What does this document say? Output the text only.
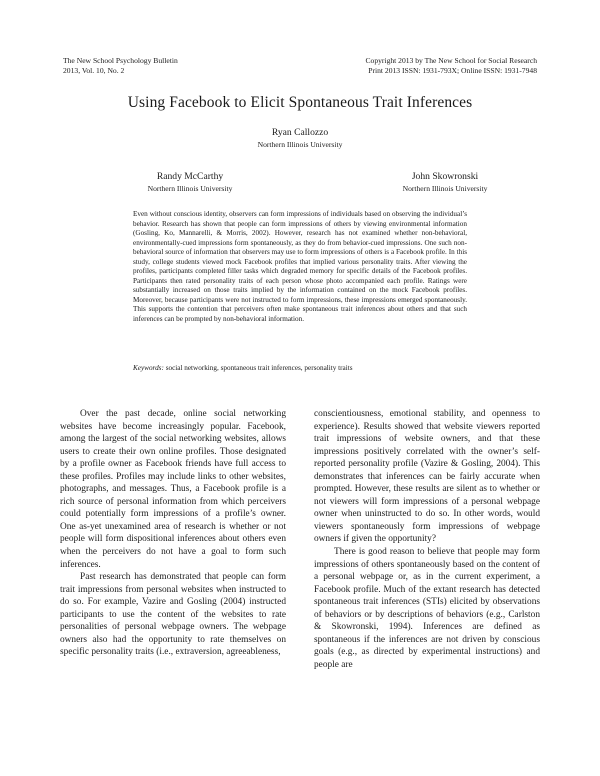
The New School Psychology Bulletin
2013, Vol. 10, No. 2
Copyright 2013 by The New School for Social Research
Print 2013 ISSN: 1931-793X; Online ISSN: 1931-7948
Using Facebook to Elicit Spontaneous Trait Inferences
Ryan Callozzo
Northern Illinois University
Randy McCarthy
Northern Illinois University
John Skowronski
Northern Illinois University

Even without conscious identity, observers can form impressions of individuals based on observing the individual’s behavior. Research has shown that people can form impressions of others by viewing environmental information (Gosling, Ko, Mannarelli, & Morris, 2002). However, research has not examined whether non-behavioral, environmentally-cued impressions form spontaneously, as they do from behavior-cued impressions. One such non-behavioral source of information that observers may use to form impressions of others is a Facebook profile. In this study, college students viewed mock Facebook profiles that implied various personality traits. After viewing the profiles, participants completed filler tasks which degraded memory for specific details of the Facebook profiles. Participants then rated personality traits of each person whose photo accompanied each profile. Ratings were substantially increased on those traits implied by the information contained on the mock Facebook profiles. Moreover, because participants were not instructed to form impressions, these impressions emerged spontaneously. This supports the contention that perceivers often make spontaneous trait inferences about others and that such inferences can be prompted by non-behavioral information.

Keywords: social networking, spontaneous trait inferences, personality traits

Over the past decade, online social networking websites have become increasingly popular. Facebook, among the largest of the social networking websites, allows users to create their own online profiles. Those designated by a profile owner as Facebook friends have full access to these profiles. Profiles may include links to other websites, photographs, and messages. Thus, a Facebook profile is a rich source of personal information from which perceivers could potentially form impressions of a profile’s owner. One as-yet unexamined area of research is whether or not people will form dispositional inferences about others even when the perceivers do not have a goal to form such inferences.

Past research has demonstrated that people can form trait impressions from personal websites when instructed to do so. For example, Vazire and Gosling (2004) instructed participants to use the content of the websites to rate personalities of personal webpage owners. The webpage owners also had the opportunity to rate themselves on specific personality traits (i.e., extraversion, agreeableness,

conscientiousness, emotional stability, and openness to experience). Results showed that website viewers reported trait impressions of website owners, and that these impressions positively correlated with the owner’s self-reported personality profile (Vazire & Gosling, 2004). This demonstrates that inferences can be fairly accurate when prompted. However, these results are silent as to whether or not viewers will form impressions of a personal webpage owner when uninstructed to do so. In other words, would viewers spontaneously form impressions of webpage owners if given the opportunity?

There is good reason to believe that people may form impressions of others spontaneously based on the content of a personal webpage or, as in the current experiment, a Facebook profile. Much of the extant research has detected spontaneous trait inferences (STIs) elicited by observations of behaviors or by descriptions of behaviors (e.g., Carlston & Skowronski, 1994). Inferences are defined as spontaneous if the inferences are not driven by conscious goals (e.g., as directed by experimental instructions) and people are
